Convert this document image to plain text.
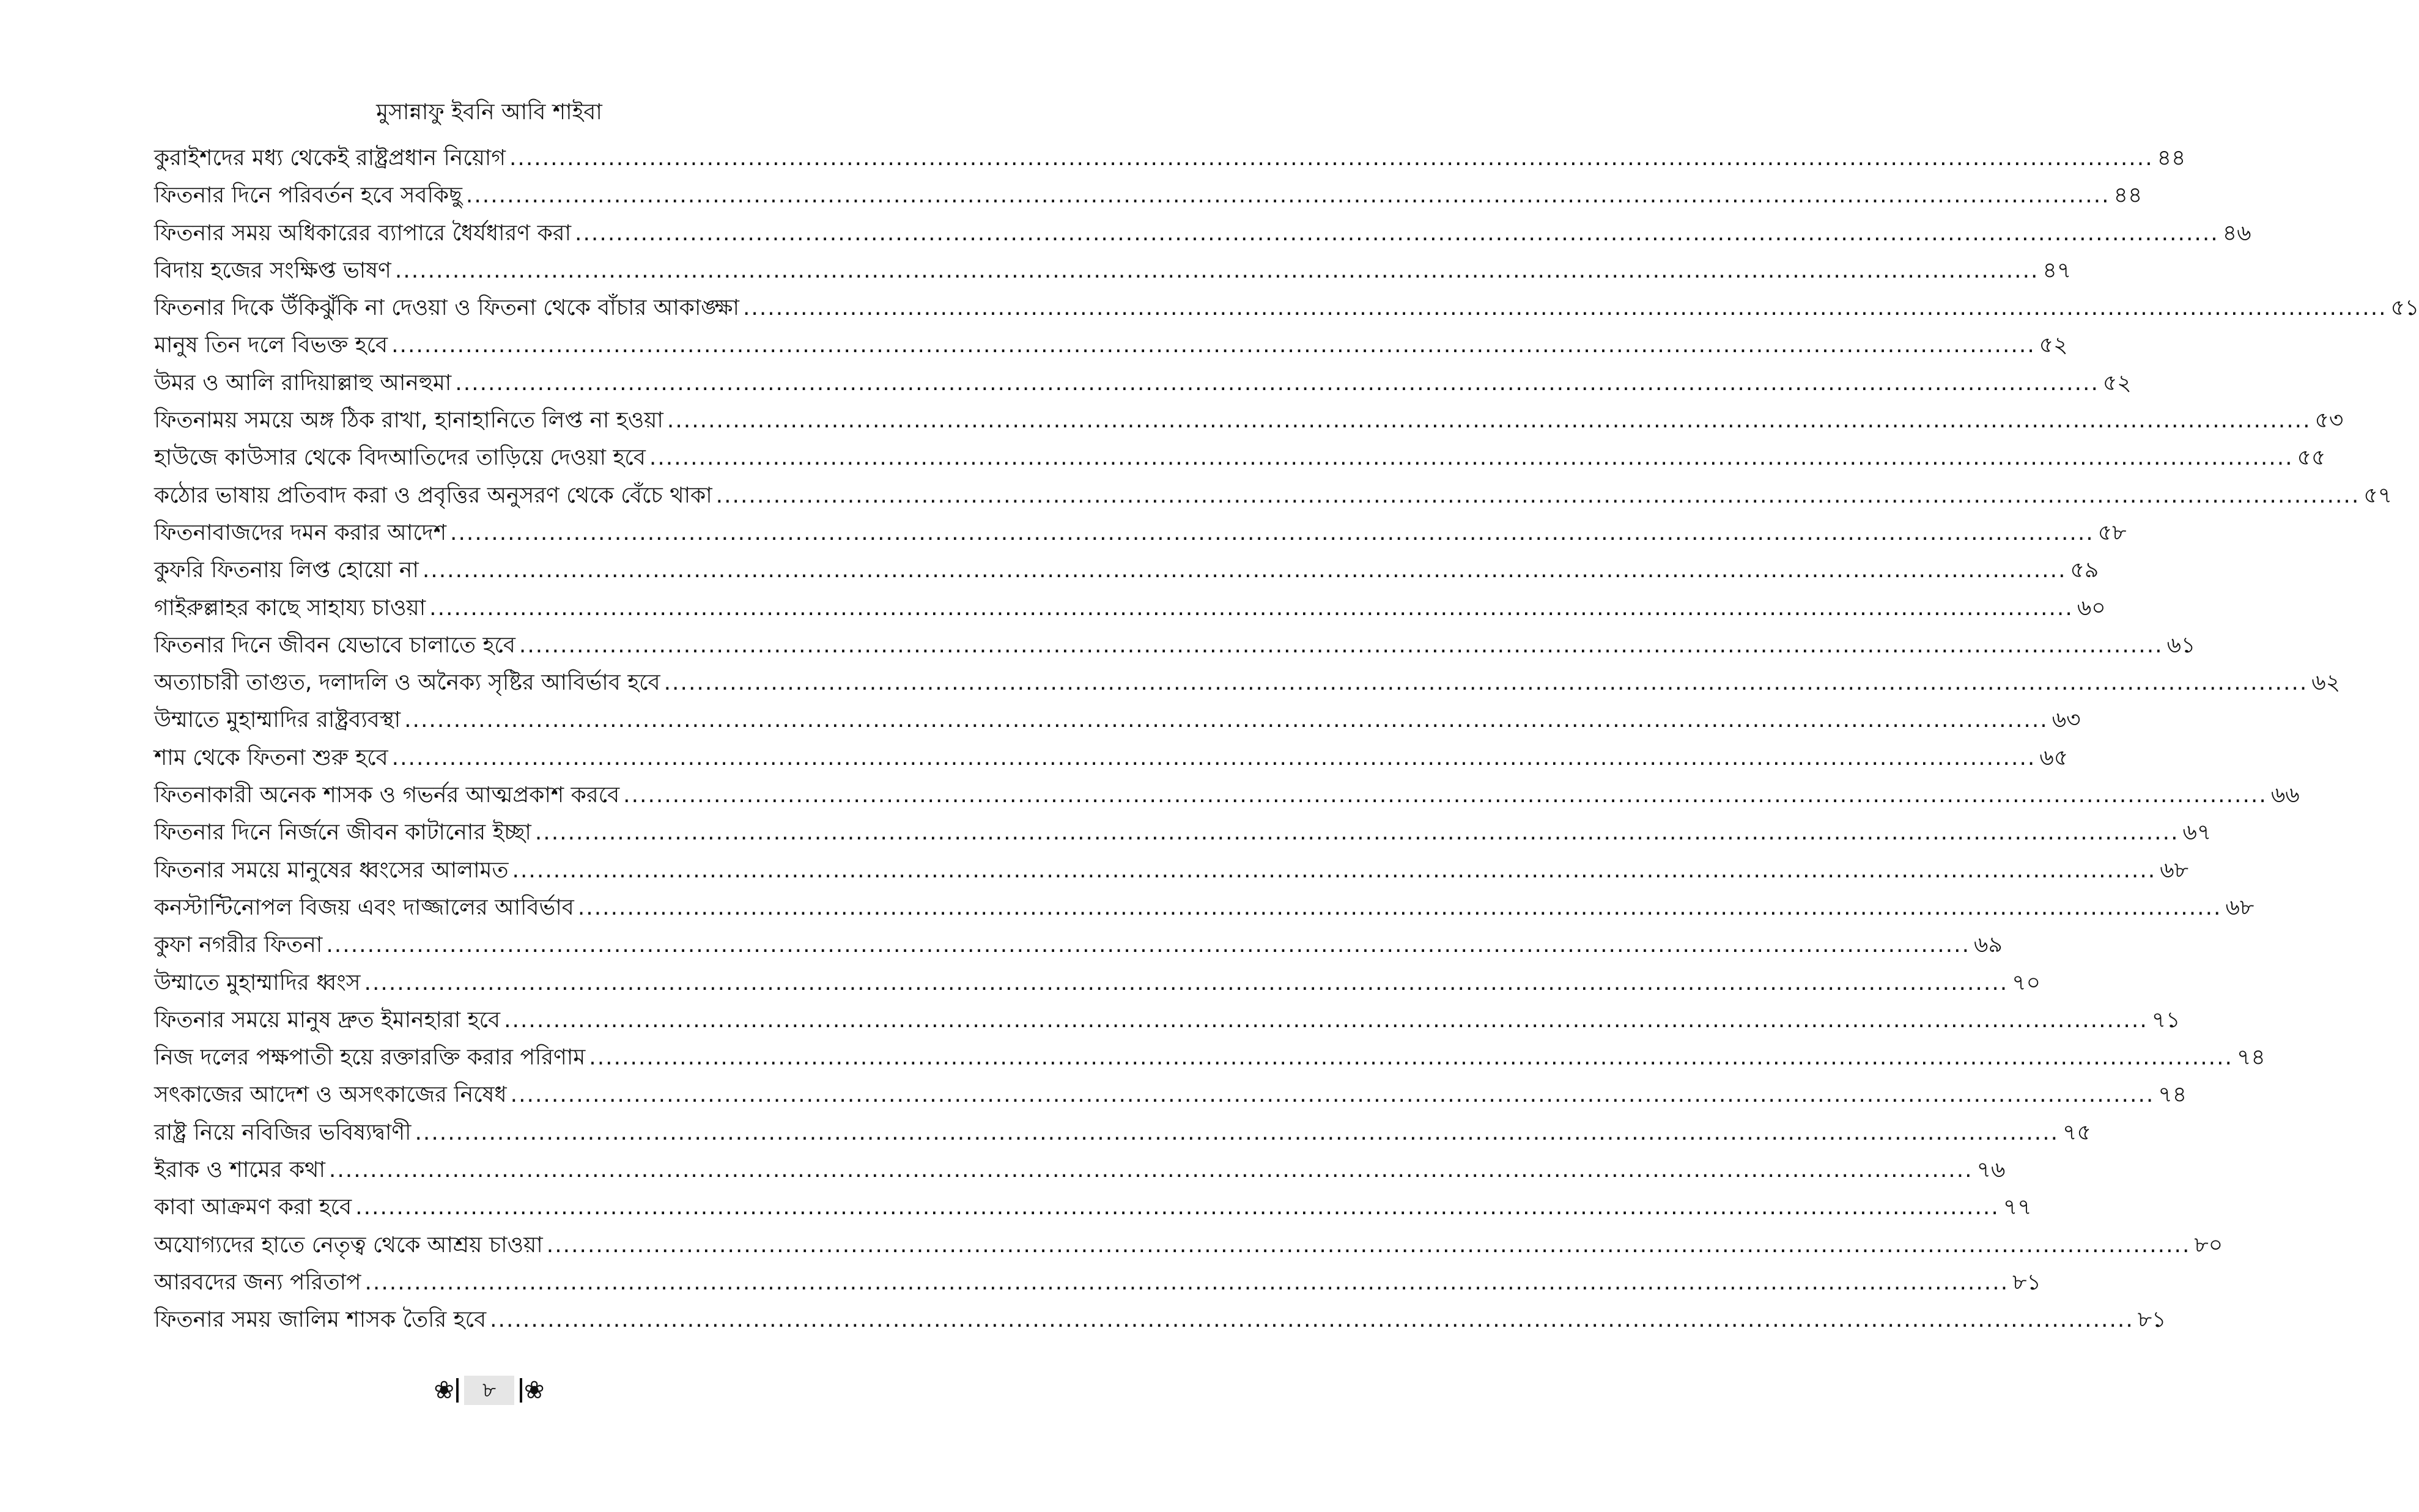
মুসান্নাফু ইবনি আবি শাইবা
কুরাইশদের মধ্য থেকেই রাষ্ট্রপ্রধান নিয়োগ .....	৪৪
ফিতনার দিনে পরিবর্তন হবে সবকিছু .....	৪৪
ফিতনার সময় অধিকারের ব্যাপারে ধৈর্যধারণ করা .....	৪৬
বিদায় হজের সংক্ষিপ্ত ভাষণ .....	৪৭
ফিতনার দিকে উঁকিঝুঁকি না দেওয়া ও ফিতনা থেকে বাঁচার আকাঙ্ক্ষা .....	৫১
মানুষ তিন দলে বিভক্ত হবে .....	৫২
উমর ও আলি রাদিয়াল্লাহু আনহুমা .....	৫২
ফিতনাময় সময়ে অঙ্গ ঠিক রাখা, হানাহানিতে লিপ্ত না হওয়া .....	৫৩
হাউজে কাউসার থেকে বিদআতিদের তাড়িয়ে দেওয়া হবে .....	৫৫
কঠোর ভাষায় প্রতিবাদ করা ও প্রবৃত্তির অনুসরণ থেকে বেঁচে থাকা .....	৫৭
ফিতনাবাজদের দমন করার আদেশ .....	৫৮
কুফরি ফিতনায় লিপ্ত হোয়ো না .....	৫৯
গাইরুল্লাহর কাছে সাহায্য চাওয়া .....	৬০
ফিতনার দিনে জীবন যেভাবে চালাতে হবে .....	৬১
অত্যাচারী তাগুত, দলাদলি ও অনৈক্য সৃষ্টির আবির্ভাব হবে .....	৬২
উম্মাতে মুহাম্মাদির রাষ্ট্রব্যবস্থা .....	৬৩
শাম থেকে ফিতনা শুরু হবে .....	৬৫
ফিতনাকারী অনেক শাসক ও গভর্নর আত্মপ্রকাশ করবে .....	৬৬
ফিতনার দিনে নির্জনে জীবন কাটানোর ইচ্ছা .....	৬৭
ফিতনার সময়ে মানুষের ধ্বংসের আলামত .....	৬৮
কনস্টান্টিনোপল বিজয় এবং দাজ্জালের আবির্ভাব .....	৬৮
কুফা নগরীর ফিতনা .....	৬৯
উম্মাতে মুহাম্মাদির ধ্বংস .....	৭০
ফিতনার সময়ে মানুষ দ্রুত ইমানহারা হবে .....	৭১
নিজ দলের পক্ষপাতী হয়ে রক্তারক্তি করার পরিণাম .....	৭৪
সৎকাজের আদেশ ও অসৎকাজের নিষেধ .....	৭৪
রাষ্ট্র নিয়ে নবিজির ভবিষ্যদ্বাণী .....	৭৫
ইরাক ও শামের কথা .....	৭৬
কাবা আক্রমণ করা হবে .....	৭৭
অযোগ্যদের হাতে নেতৃত্ব থেকে আশ্রয় চাওয়া .....	৮০
আরবদের জন্য পরিতাপ .....	৮১
ফিতনার সময় জালিম শাসক তৈরি হবে .....	৮১
❀	৮	❀
